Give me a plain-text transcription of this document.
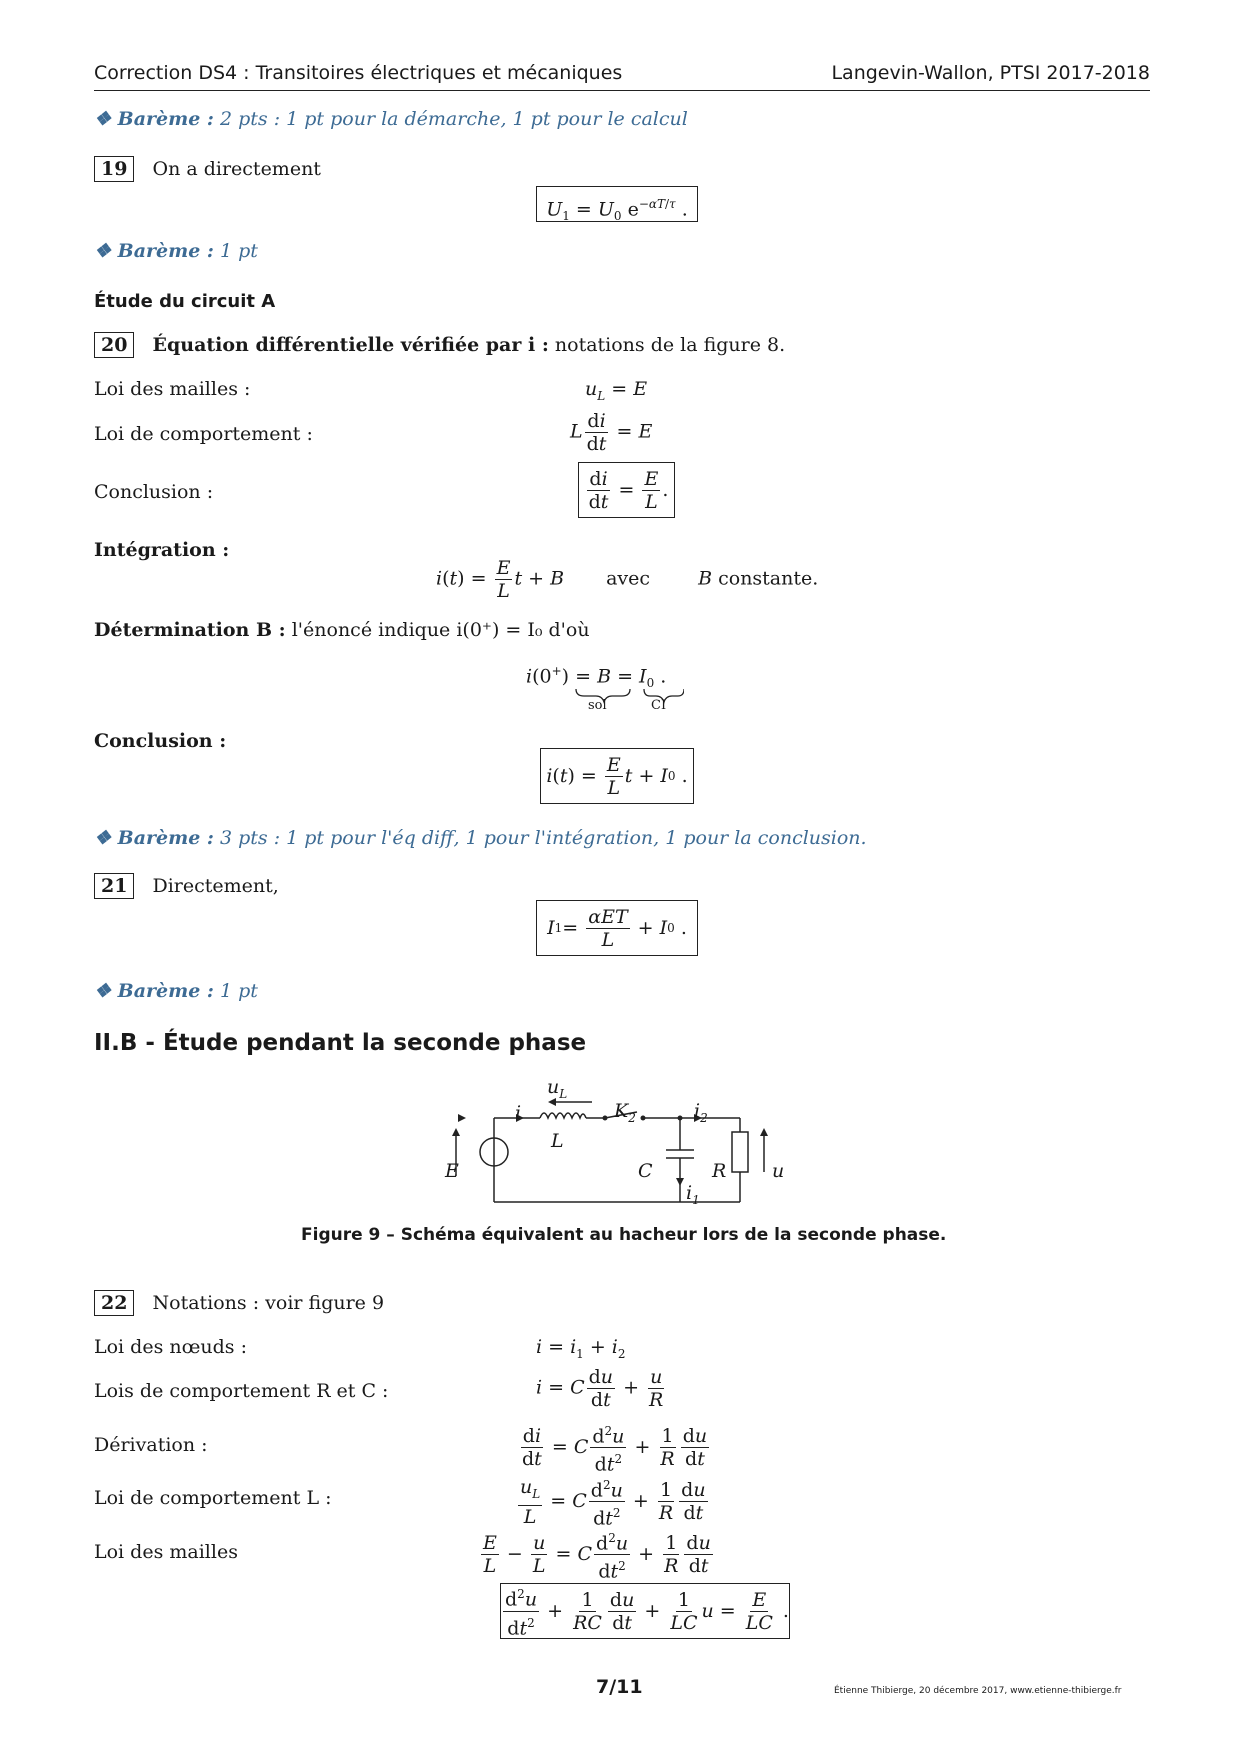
Correction DS4 : Transitoires électriques et mécaniques	Langevin-Wallon, PTSI 2017-2018
❖ Barème : 2 pts : 1 pt pour la démarche, 1 pt pour le calcul
19 On a directement
$U_1 = U_0$ $e^{-\alpha T/\tau}$ .
❖ Barème : 1 pt
Étude du circuit A
20 Équation différentielle vérifiée par i : notations de la figure 8.
Loi des mailles :	$u_L = E$
Loi de comportement :	L $\frac{di}{dt} = E$
Conclusion :	$\frac{di}{dt} = \frac{E}{L}$ .
Intégration :
$i(t) = \frac{E}{L}$ t + B avec	B constante.
Détermination B : l'énoncé indique i(0⁺) = I₀ d'où
$i(0^+) = B = I_0$ .
sol	CI
Conclusion :
i ( t ) = $\frac{E}{L}$ t + I 0 .
❖ Barème : 3 pts : 1 pt pour l'éq diff, 1 pour l'intégration, 1 pour la conclusion.
21 Directement,
I $1 = \frac{\text{αET}}{L} + I$ 0 .
❖ Barème : 1 pt
II.B - Étude pendant la seconde phase
$u_L$
i	$K_2$	$i_2$
L
E	C	R u
$i_1$
Figure 9 – Schéma équivalent au hacheur lors de la seconde phase.
22 Notations : voir figure 9
Loi des nœuds :	$i = i_1 + i_2$
Lois de comportement R et C :	i = C $\frac{du}{dt} + \frac{u}{R}$
Dérivation :	$\frac{di}{dt} = C \frac{d^2u}{dt^2} + \frac{1}{R} \frac{du}{dt}$
Loi de comportement L :	$\frac{u_L}{L} = C \frac{d^2u}{dt^2} + \frac{1}{R} \frac{du}{dt}$
Loi des mailles	$\frac{E}{L} - \frac{u}{L} = C \frac{d^2u}{dt^2} + \frac{1}{R} \frac{du}{dt}$
$\frac{d^2u}{dt^2} + \frac{1}{RC} \frac{du}{dt} + \frac{1}{LC}$ $u = \frac{E}{LC}$ .
7/11	Étienne Thibierge, 20 décembre 2017, www.etienne-thibierge.fr
